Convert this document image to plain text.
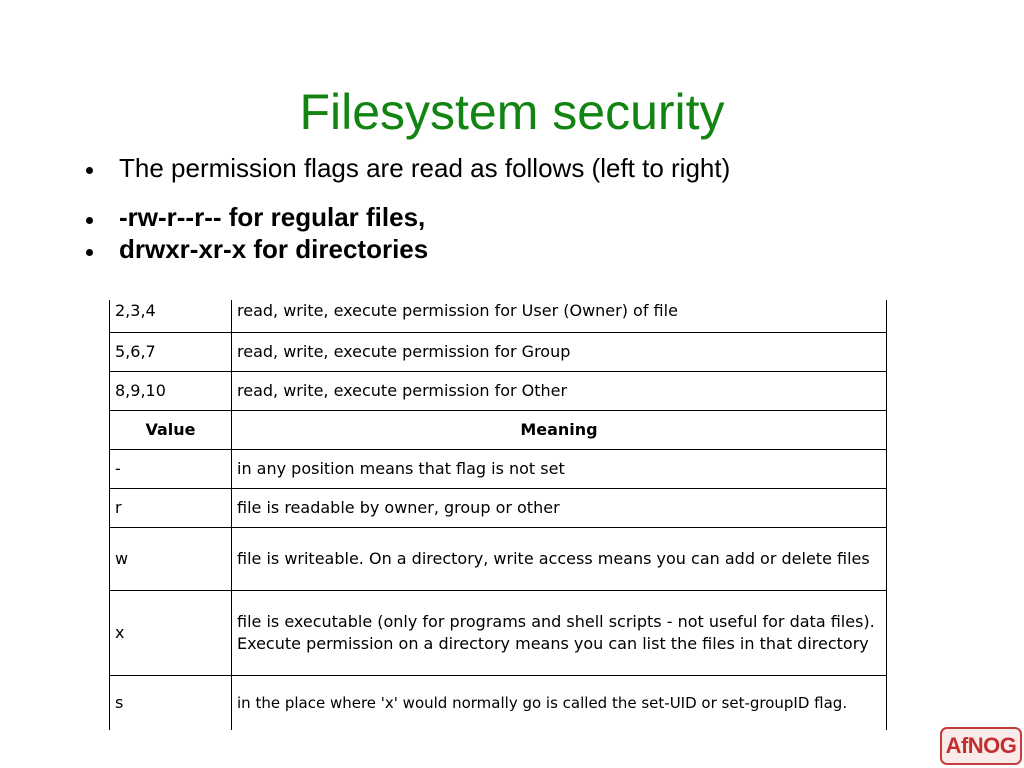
Filesystem security
The permission flags are read as follows (left to right)
-rw-r--r-- for regular files,
drwxr-xr-x for directories
2,3,4	read, write, execute permission for User (Owner) of file
5,6,7	read, write, execute permission for Group
8,9,10	read, write, execute permission for Other
Value	Meaning
-	in any position means that flag is not set
r	file is readable by owner, group or other
w	file is writeable. On a directory, write access means you can add or delete files
x	file is executable (only for programs and shell scripts - not useful for data files). Execute permission on a directory means you can list the files in that directory
s	in the place where 'x' would normally go is called the set-UID or set-groupID flag.
AfNOG
